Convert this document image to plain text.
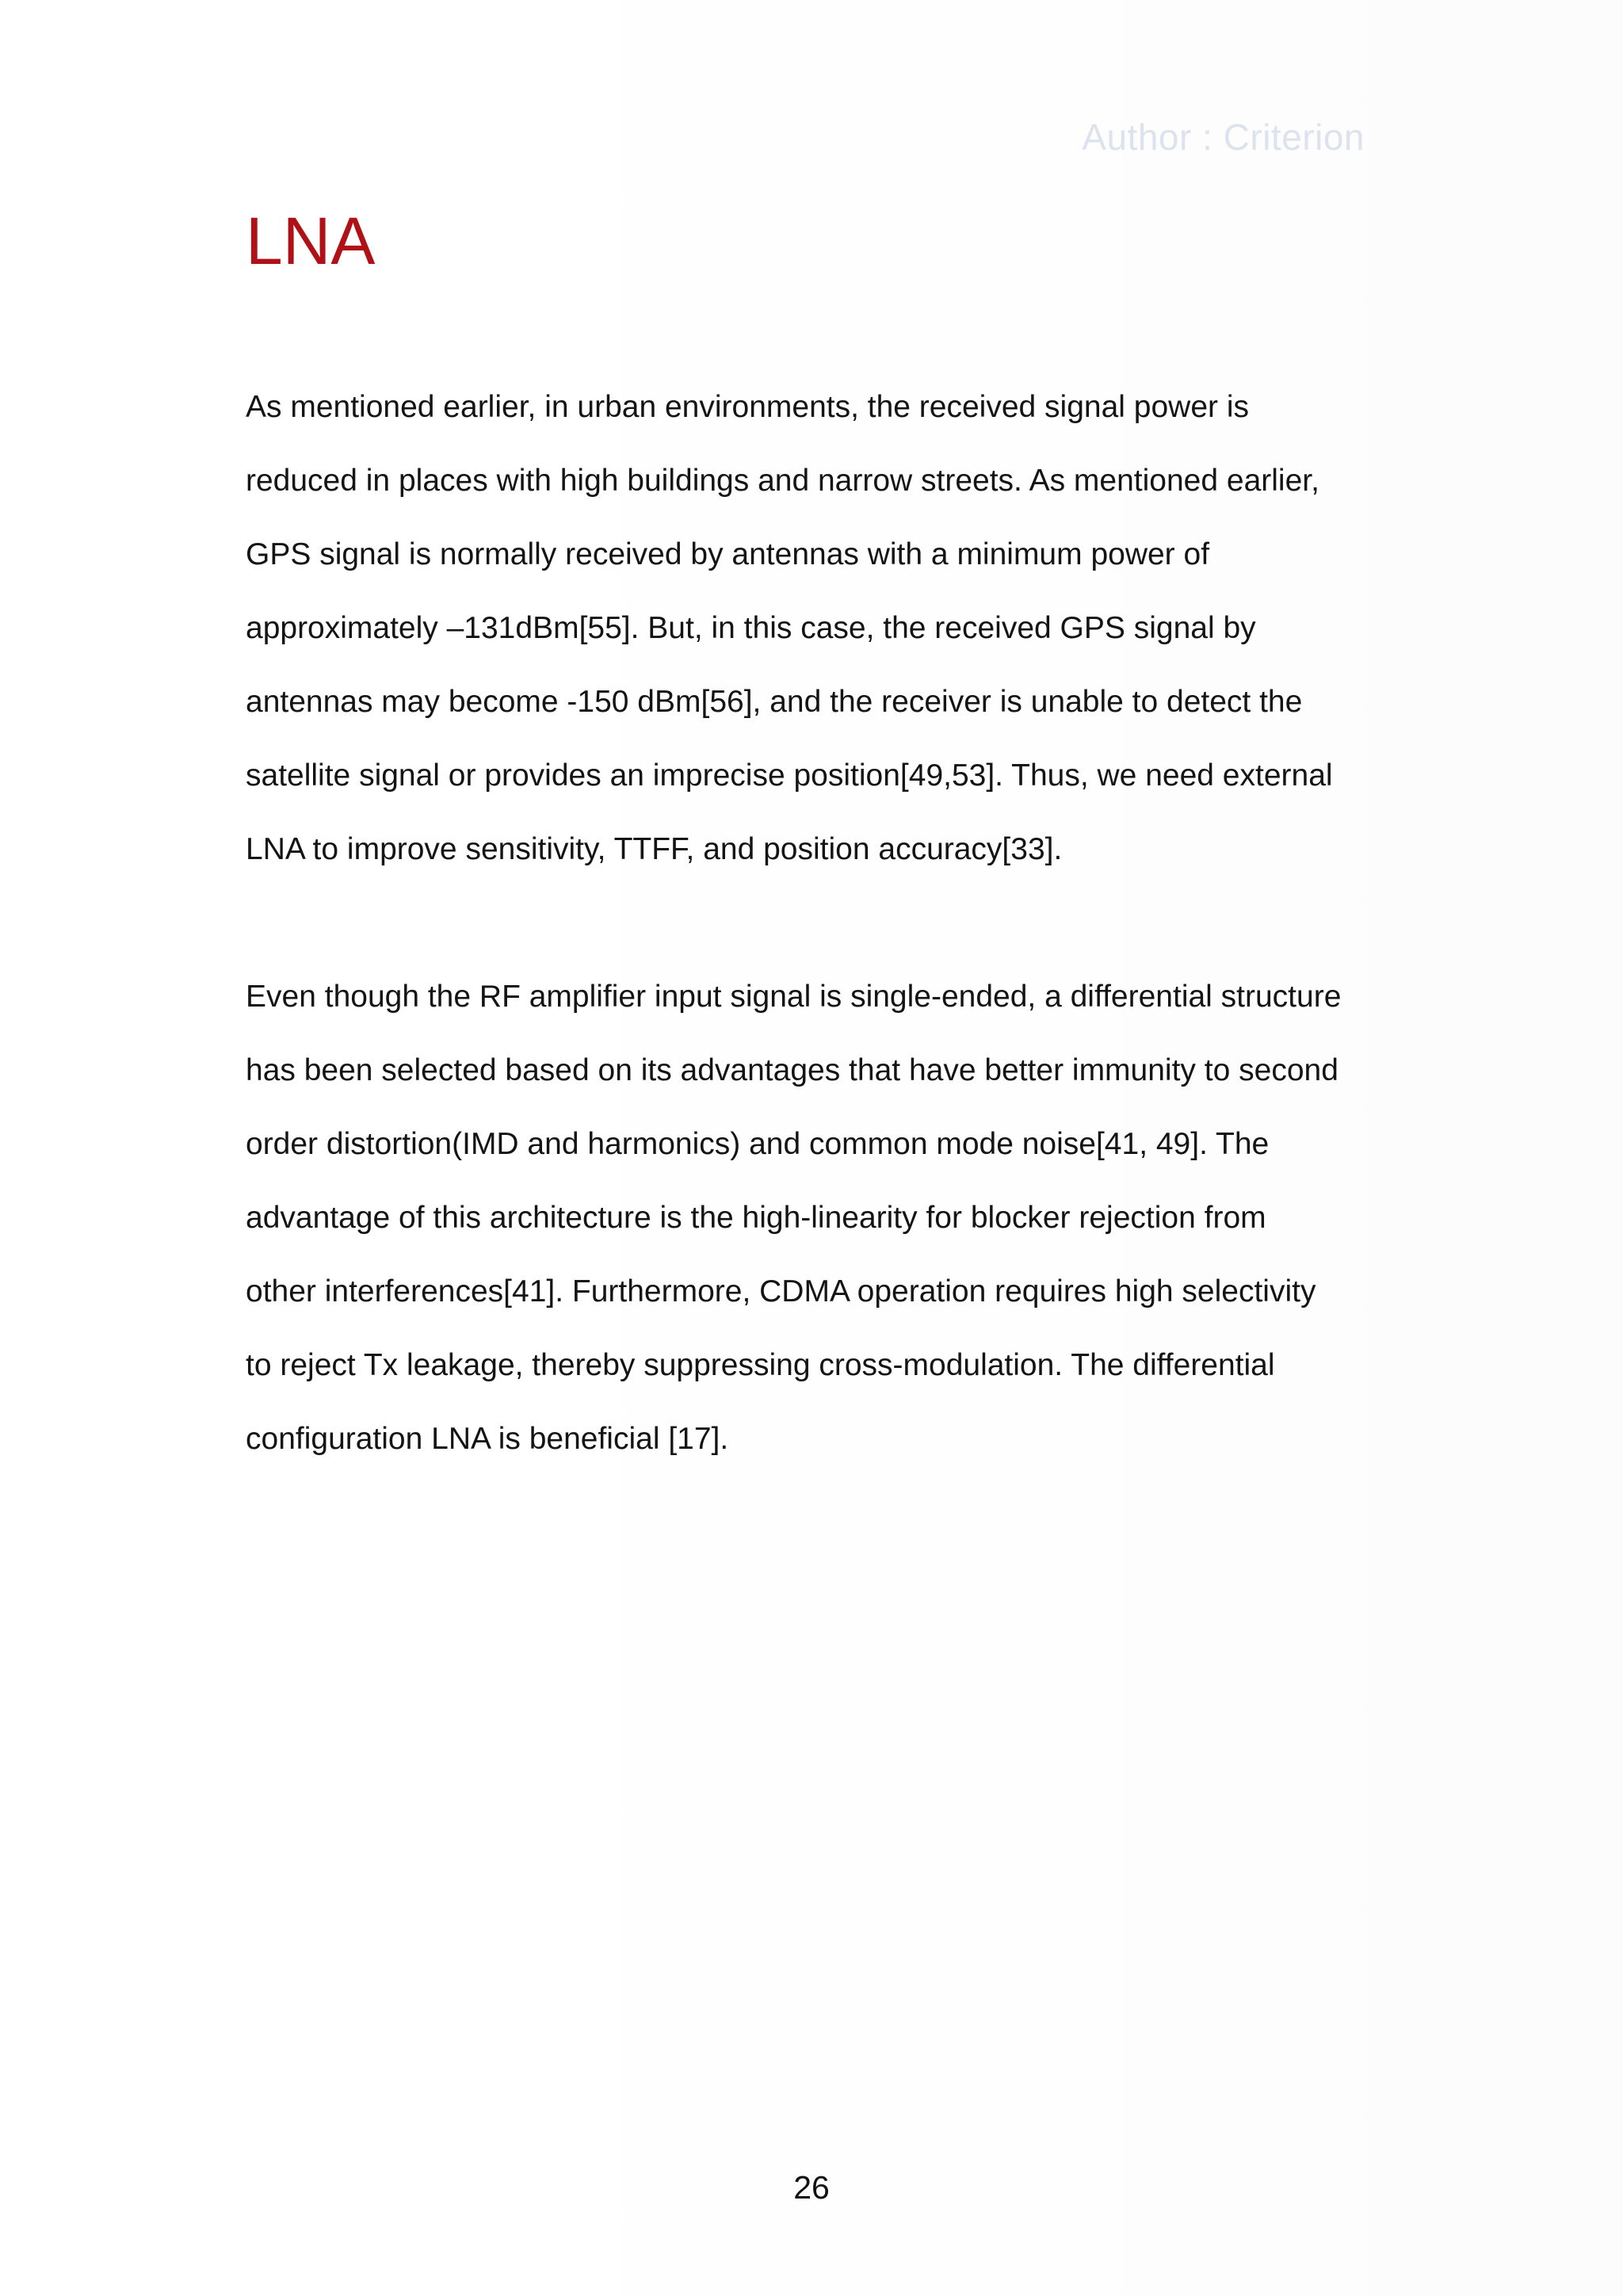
Author : Criterion
LNA

As mentioned earlier, in urban environments, the received signal power is
reduced in places with high buildings and narrow streets. As mentioned earlier,
GPS signal is normally received by antennas with a minimum power of
approximately –131dBm[55]. But, in this case, the received GPS signal by
antennas may become -150 dBm[56], and the receiver is unable to detect the
satellite signal or provides an imprecise position[49,53]. Thus, we need external
LNA to improve sensitivity, TTFF, and position accuracy[33].

Even though the RF amplifier input signal is single-ended, a differential structure
has been selected based on its advantages that have better immunity to second
order distortion(IMD and harmonics) and common mode noise[41, 49]. The
advantage of this architecture is the high-linearity for blocker rejection from
other interferences[41]. Furthermore, CDMA operation requires high selectivity
to reject Tx leakage, thereby suppressing cross-modulation. The differential
configuration LNA is beneficial [17].

26
